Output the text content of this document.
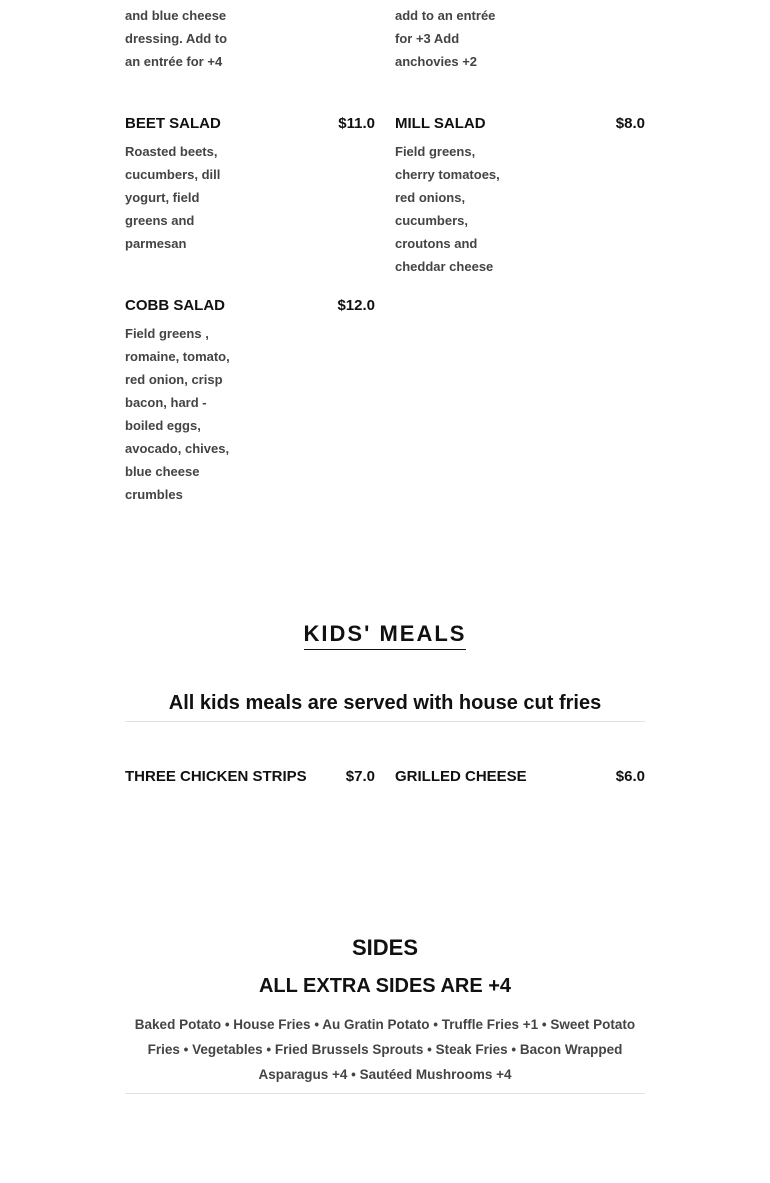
and blue cheese
dressing. Add to
an entrée for +4
add to an entrée
for +3 Add
anchovies +2
BEET SALAD	$11.0
Roasted beets,
cucumbers, dill
yogurt, field
greens and
parmesan
MILL SALAD	$8.0
Field greens,
cherry tomatoes,
red onions,
cucumbers,
croutons and
cheddar cheese
COBB SALAD	$12.0
Field greens ,
romaine, tomato,
red onion, crisp
bacon, hard -
boiled eggs,
avocado, chives,
blue cheese
crumbles
KIDS' MEALS
All kids meals are served with house cut fries
THREE CHICKEN STRIPS	$7.0 GRILLED CHEESE	$6.0
SIDES
ALL EXTRA SIDES ARE +4
Baked Potato • House Fries • Au Gratin Potato • Truffle Fries +1 • Sweet Potato
Fries • Vegetables • Fried Brussels Sprouts • Steak Fries • Bacon Wrapped
Asparagus +4 • Sautéed Mushrooms +4
